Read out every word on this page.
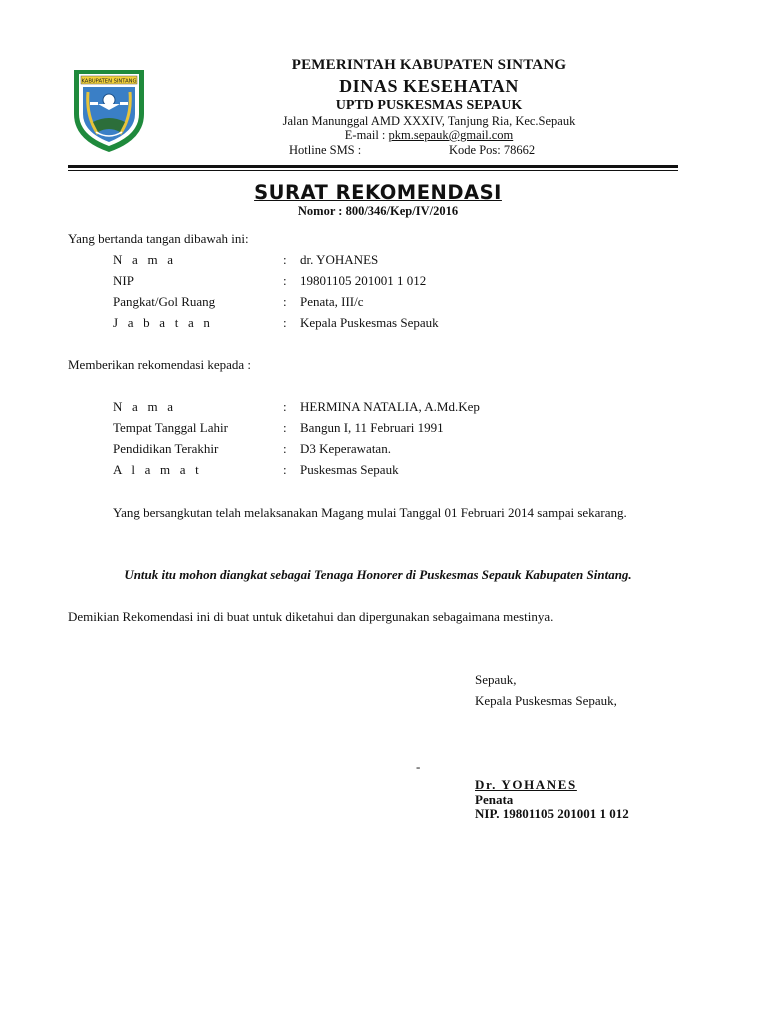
KABUPATEN SINTANG
PEMERINTAH KABUPATEN SINTANG
DINAS KESEHATAN
UPTD PUSKESMAS SEPAUK
Jalan Manunggal AMD XXXIV, Tanjung Ria, Kec.Sepauk
E-mail : pkm.sepauk@gmail.com
Hotline SMS :	Kode Pos: 78662
SURAT REKOMENDASI
Nomor : 800/346/Kep/IV/2016
Yang bertanda tangan dibawah ini:
N a m a	: dr. YOHANES
NIP	: 19801105 201001 1 012
Pangkat/Gol Ruang	: Penata, III/c
J a b a t a n	: Kepala Puskesmas Sepauk
Memberikan rekomendasi kepada :
N a m a	: HERMINA NATALIA, A.Md.Kep
Tempat Tanggal Lahir	: Bangun I, 11 Februari 1991
Pendidikan Terakhir	: D3 Keperawatan.
A l a m a t	: Puskesmas Sepauk
Yang bersangkutan telah melaksanakan Magang mulai Tanggal 01 Februari 2014 sampai sekarang.
Untuk itu mohon diangkat sebagai Tenaga Honorer di Puskesmas Sepauk Kabupaten Sintang.
Demikian Rekomendasi ini di buat untuk diketahui dan dipergunakan sebagaimana mestinya.
Sepauk,
Kepala Puskesmas Sepauk,
-
Dr. YOHANES
Penata
NIP. 19801105 201001 1 012
